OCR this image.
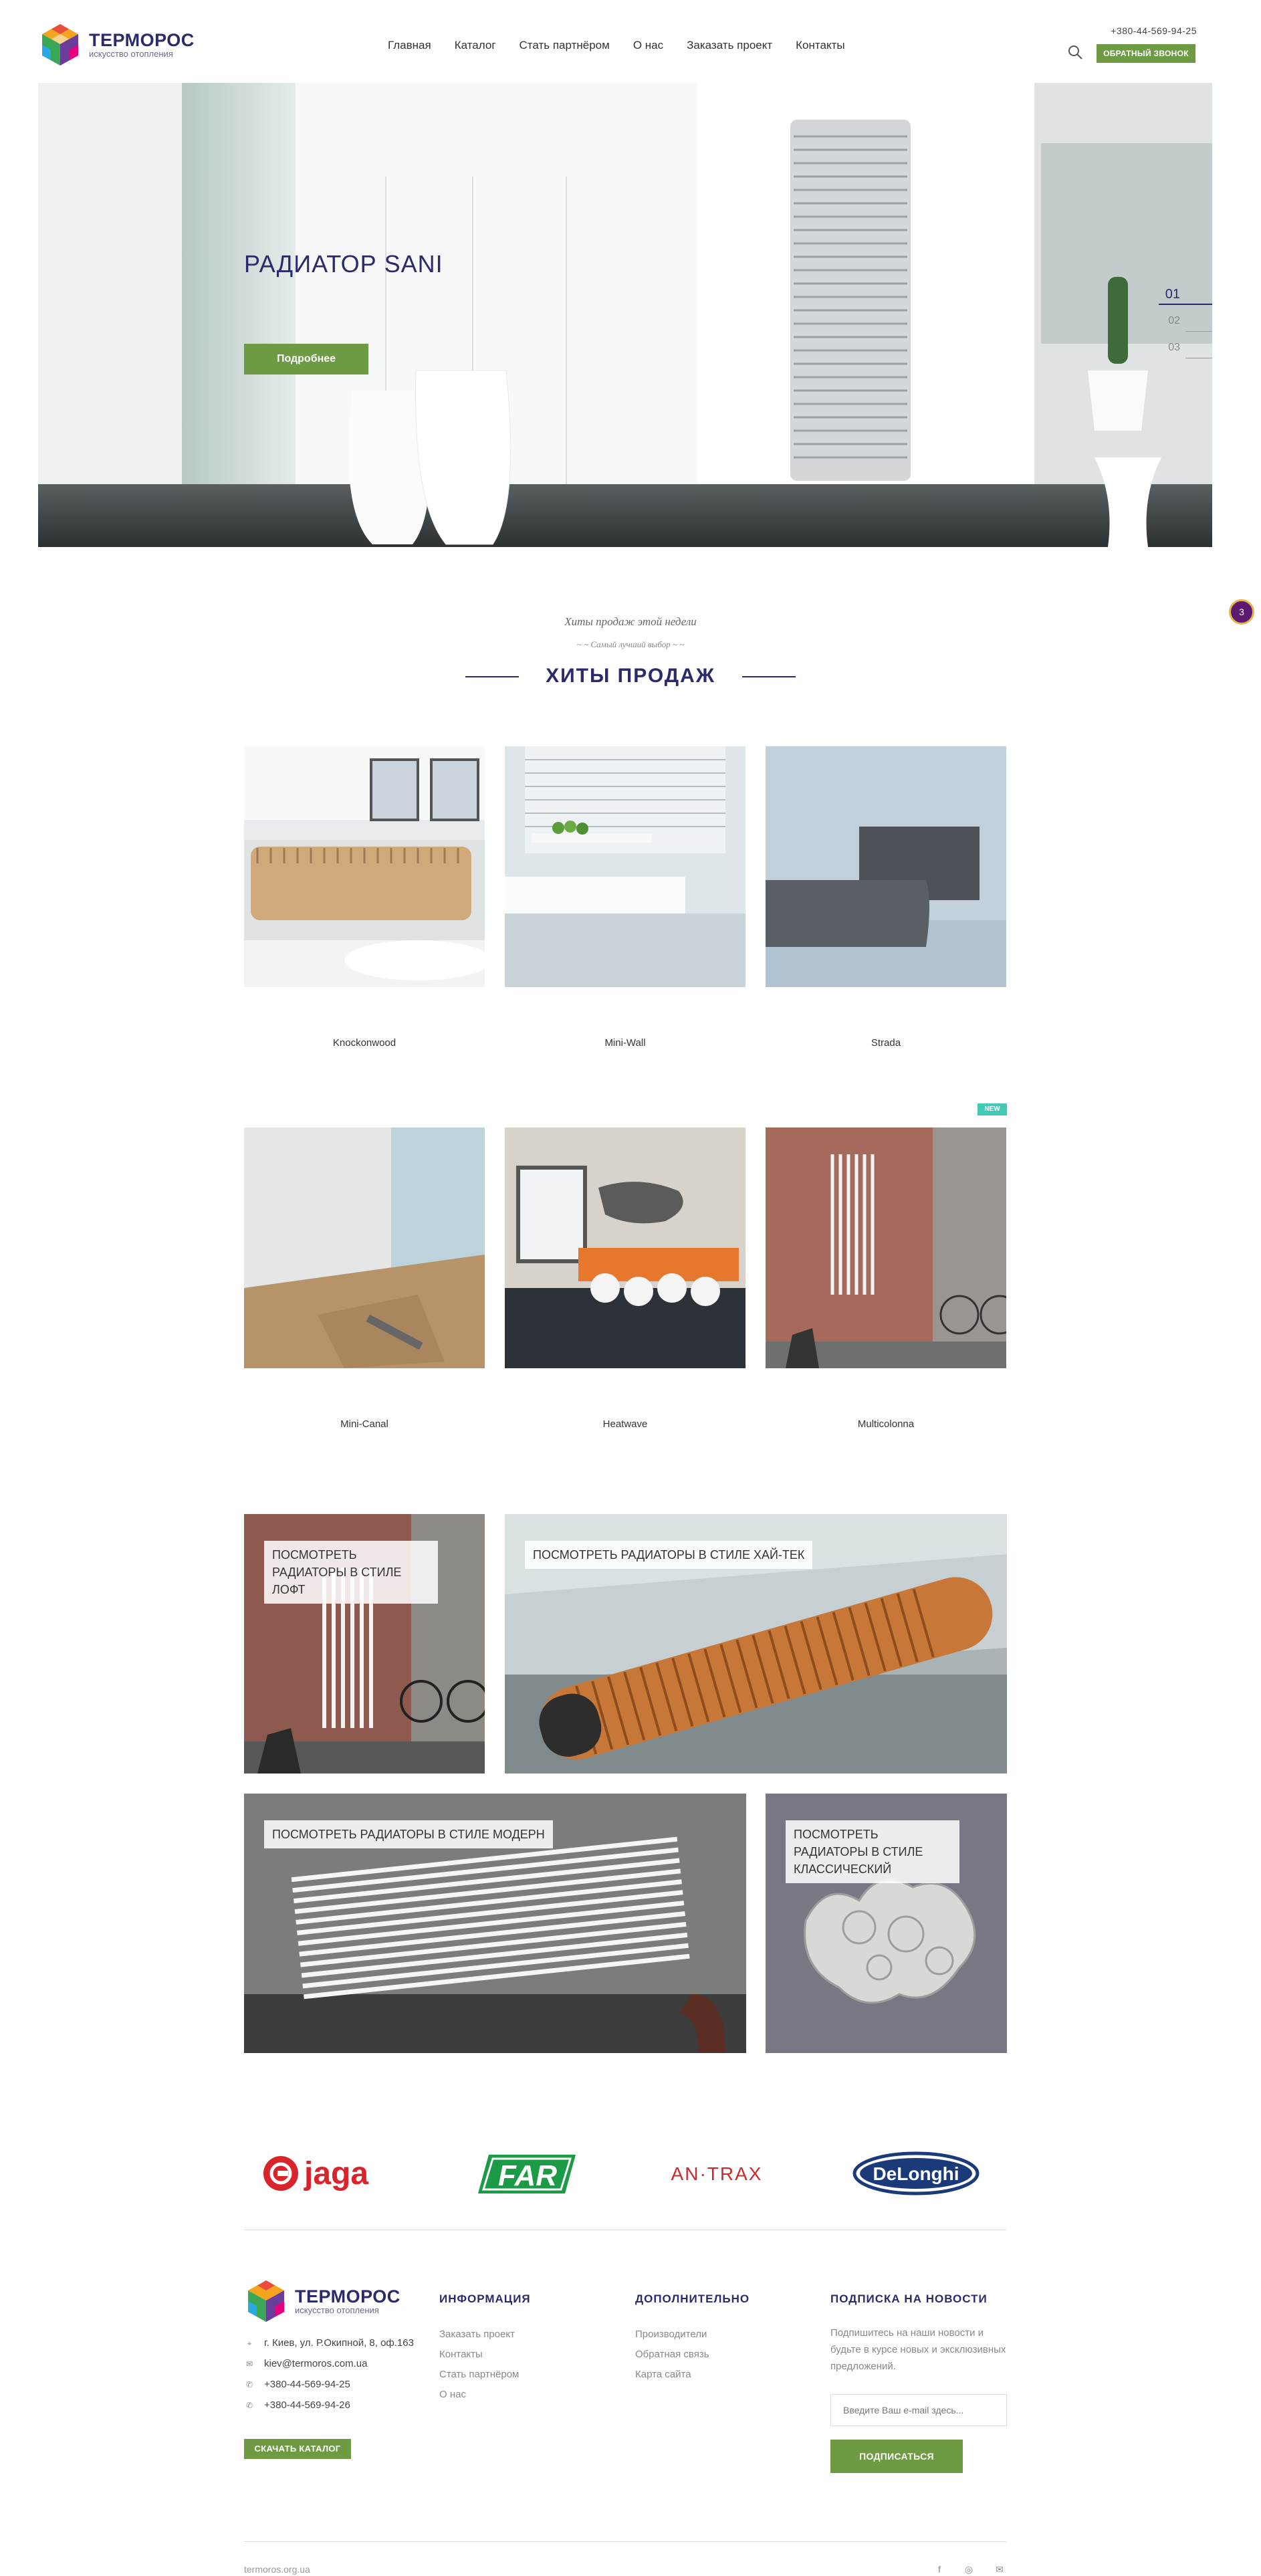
ТЕРМОРОС
искусство отопления
Главная Каталог Стать партнёром О нас Заказать проект Контакты
+380-44-569-94-25
ОБРАТНЫЙ ЗВОНОК
РАДИАТОР SANI
Подробнее
01
02
03
3
Хиты продаж этой недели
~ ~ Самый лучший выбор ~ ~
ХИТЫ ПРОДАЖ
Knockonwood	Mini-Wall	Strada
NEW
Mini-Canal	Heatwave	Multicolonna
ПОСМОТРЕТЬ РАДИАТОРЫ В СТИЛЕ ЛОФТ
ПОСМОТРЕТЬ РАДИАТОРЫ В СТИЛЕ ХАЙ-ТЕК
ПОСМОТРЕТЬ РАДИАТОРЫ В СТИЛЕ МОДЕРН	ПОСМОТРЕТЬ РАДИАТОРЫ В СТИЛЕ КЛАССИЧЕСКИЙ
jaga	FAR	AN·TRAX	DeLonghi
ТЕРМОРОС
искусство отопления
⌖	г. Киев, ул. Р.Окипной, 8, оф.163
✉ kiev@termoros.com.ua
✆ +380-44-569-94-25
✆ +380-44-569-94-26
СКАЧАТЬ КАТАЛОГ
ИНФОРМАЦИЯ
Заказать проект
Контакты
Стать партнёром
О нас
ДОПОЛНИТЕЛЬНО
Производители
Обратная связь
Карта сайта
ПОДПИСКА НА НОВОСТИ

Подпишитесь на наши новости и будьте в курсе новых и эксклюзивных предложений.

Введите Ваш e-mail здесь...
ПОДПИСАТЬСЯ
termoros.org.ua	f	◎ ✉
